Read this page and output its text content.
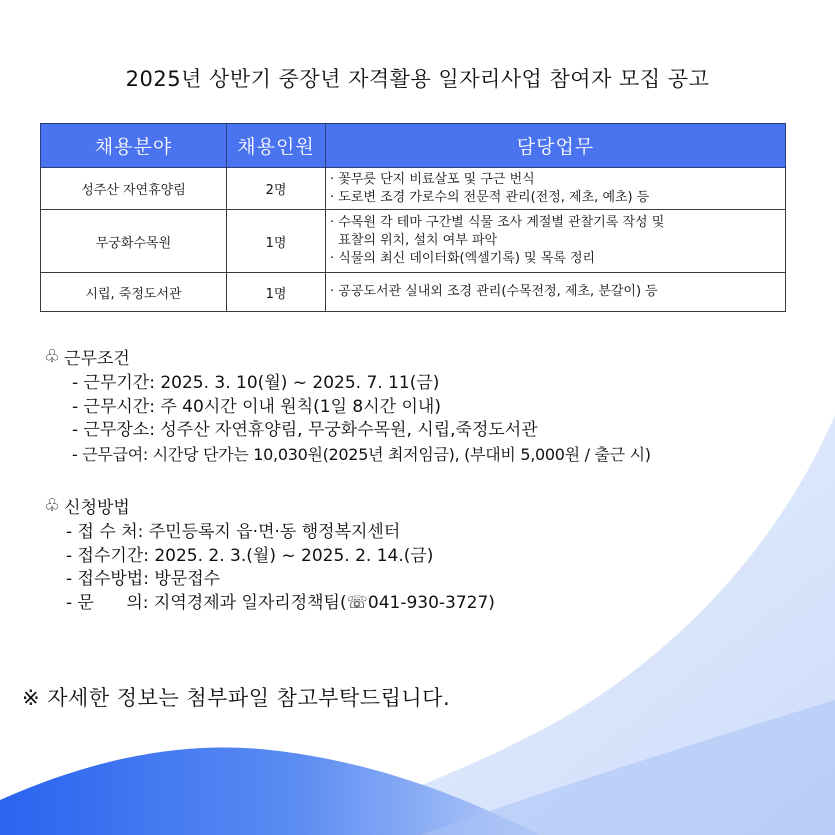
2025년 상반기 중장년 자격활용 일자리사업 참여자 모집 공고
채용분야	채용인원	담당업무
성주산 자연휴양림	2명	· 꽃무릇 단지 비료살포 및 구근 번식
· 도로변 조경 가로수의 전문적 관리(전정, 제초, 예초) 등

무궁화수목원	1명	· 수목원 각 테마 구간별 식물 조사 계절별 관찰기록 작성 및
표찰의 위치, 설치 여부 파악
· 식물의 최신 데이터화(엑셀기록) 및 목록 정리

시립, 죽정도서관	1명	· 공공도서관 실내외 조경 관리(수목전정, 제초, 분갈이) 등
♧ 근무조건
- 근무기간: 2025. 3. 10(월) ~ 2025. 7. 11(금)
- 근무시간: 주 40시간 이내 원칙(1일 8시간 이내)
- 근무장소: 성주산 자연휴양림, 무궁화수목원, 시립,죽정도서관
- 근무급여: 시간당 단가는 10,030원(2025년 최저임금), (부대비 5,000원 / 출근 시)
♧ 신청방법
- 접 수 처: 주민등록지 읍·면·동 행정복지센터
- 접수기간: 2025. 2. 3.(월) ~ 2025. 2. 14.(금)
- 접수방법: 방문접수
- 문      의: 지역경제과 일자리정책팀(☏041-930-3727)
※ 자세한 정보는 첨부파일 참고부탁드립니다.
